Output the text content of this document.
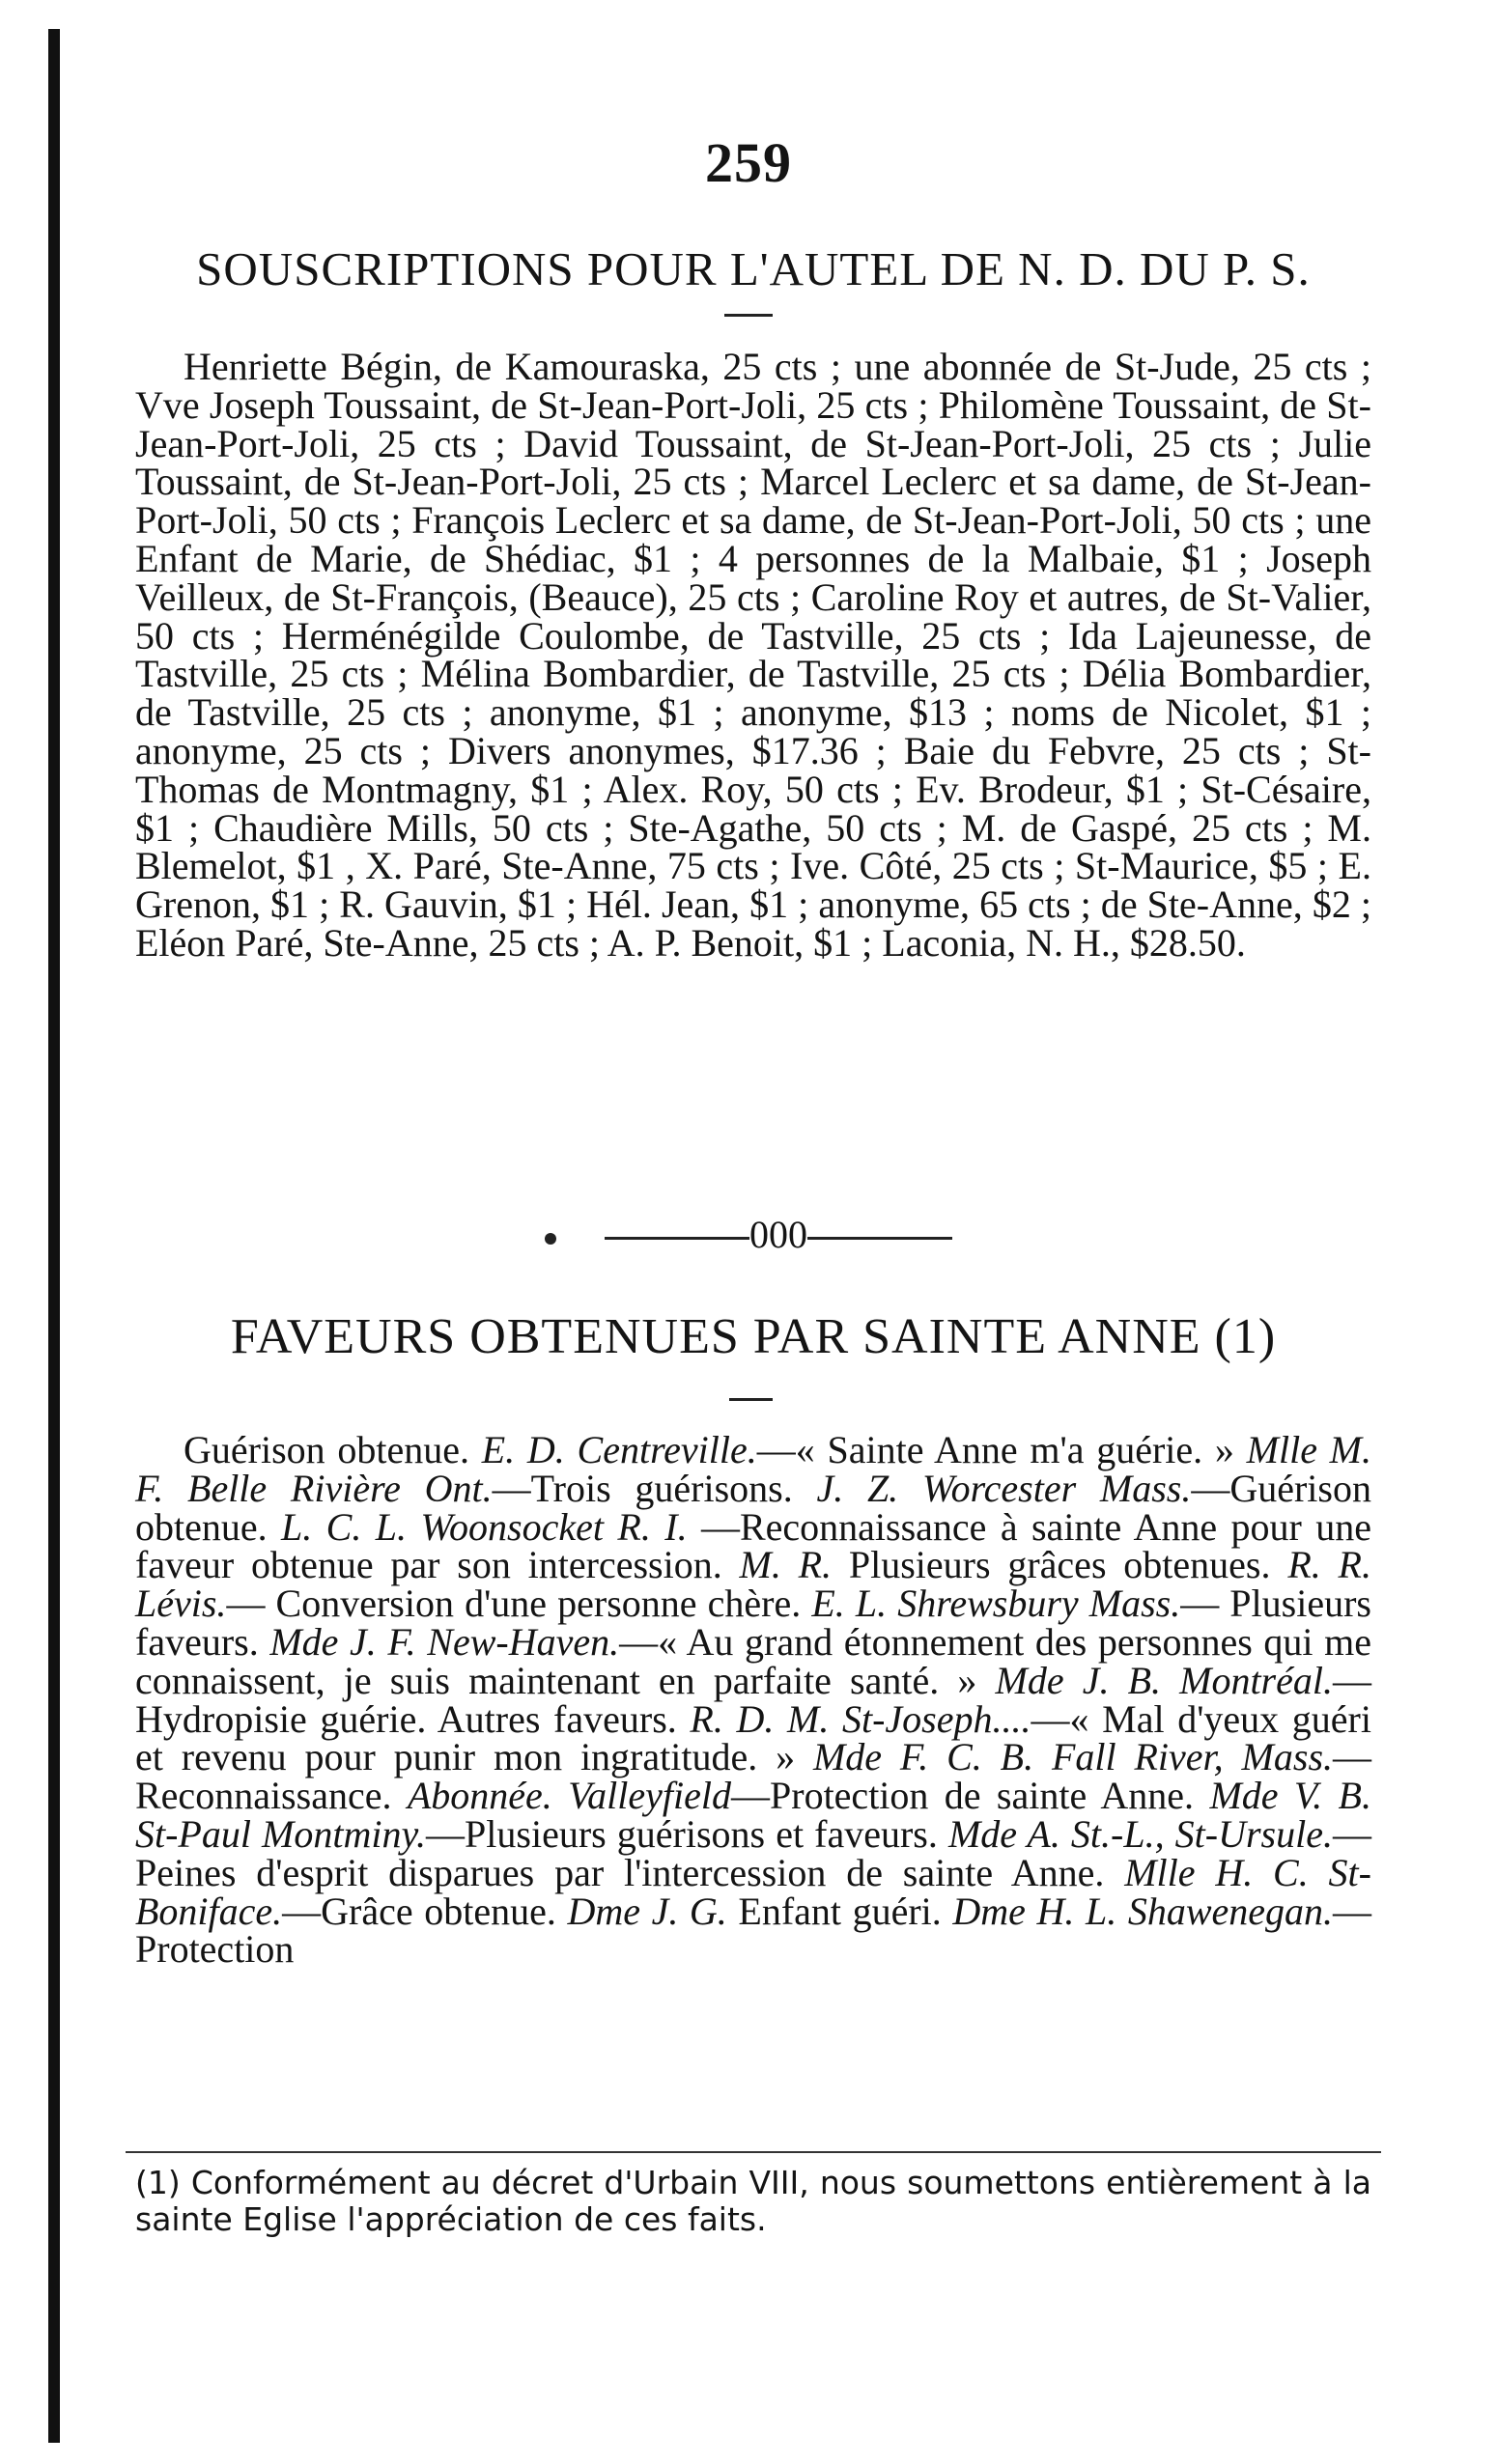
259
SOUSCRIPTIONS POUR L'AUTEL DE N. D. DU P. S.

Henriette Bégin, de Kamouraska, 25 cts ; une abonnée de St-Jude, 25 cts ; Vve Joseph Toussaint, de St-Jean-Port-Joli, 25 cts ; Philomène Toussaint, de St-Jean-Port-Joli, 25 cts ; David Toussaint, de St-Jean-Port-Joli, 25 cts ; Julie Toussaint, de St-Jean-Port-Joli, 25 cts ; Marcel Leclerc et sa dame, de St-Jean-Port-Joli, 50 cts ; François Leclerc et sa dame, de St-Jean-Port-Joli, 50 cts ; une Enfant de Marie, de Shédiac, $1 ; 4 personnes de la Malbaie, $1 ; Joseph Veilleux, de St-François, (Beauce), 25 cts ; Caroline Roy et autres, de St-Valier, 50 cts ; Herménégilde Coulombe, de Tastville, 25 cts ; Ida Lajeunesse, de Tastville, 25 cts ; Mélina Bombardier, de Tastville, 25 cts ; Délia Bombardier, de Tastville, 25 cts ; anonyme, $1 ; anonyme, $13 ; noms de Nicolet, $1 ; anonyme, 25 cts ; Divers anonymes, $17.36 ; Baie du Febvre, 25 cts ; St-Thomas de Montmagny, $1 ; Alex. Roy, 50 cts ; Ev. Brodeur, $1 ; St-Césaire, $1 ; Chaudière Mills, 50 cts ; Ste-Agathe, 50 cts ; M. de Gaspé, 25 cts ; M. Blemelot, $1 , X. Paré, Ste-Anne, 75 cts ; Ive. Côté, 25 cts ; St-Maurice, $5 ; E. Grenon, $1 ; R. Gauvin, $1 ; Hél. Jean, $1 ; anonyme, 65 cts ; de Ste-Anne, $2 ; Eléon Paré, Ste-Anne, 25 cts ; A. P. Benoit, $1 ; Laconia, N. H., $28.50.

000
FAVEURS OBTENUES PAR SAINTE ANNE (1)

Guérison obtenue. E. D. Centreville.—« Sainte Anne m'a guérie. » Mlle M. F. Belle Rivière Ont.—Trois guérisons. J. Z. Worcester Mass.—Guérison obtenue. L. C. L. Woonsocket R. I. —Reconnaissance à sainte Anne pour une faveur obtenue par son intercession. M. R. Plusieurs grâces obtenues. R. R. Lévis.— Conversion d'une personne chère. E. L. Shrewsbury Mass.— Plusieurs faveurs. Mde J. F. New-Haven.—« Au grand étonnement des personnes qui me connaissent, je suis maintenant en parfaite santé. » Mde J. B. Montréal.—Hydropisie guérie. Autres faveurs. R. D. M. St-Joseph....—« Mal d'yeux guéri et revenu pour punir mon ingratitude. » Mde F. C. B. Fall River, Mass.— Reconnaissance. Abonnée. Valleyfield—Protection de sainte Anne. Mde V. B. St-Paul Montminy.—Plusieurs guérisons et faveurs. Mde A. St.-L., St-Ursule.—Peines d'esprit disparues par l'intercession de sainte Anne. Mlle H. C. St-Boniface.—Grâce obtenue. Dme J. G. Enfant guéri. Dme H. L. Shawenegan.—Protection

(1) Conformément au décret d'Urbain VIII, nous soumettons entièrement à la sainte Eglise l'appréciation de ces faits.
